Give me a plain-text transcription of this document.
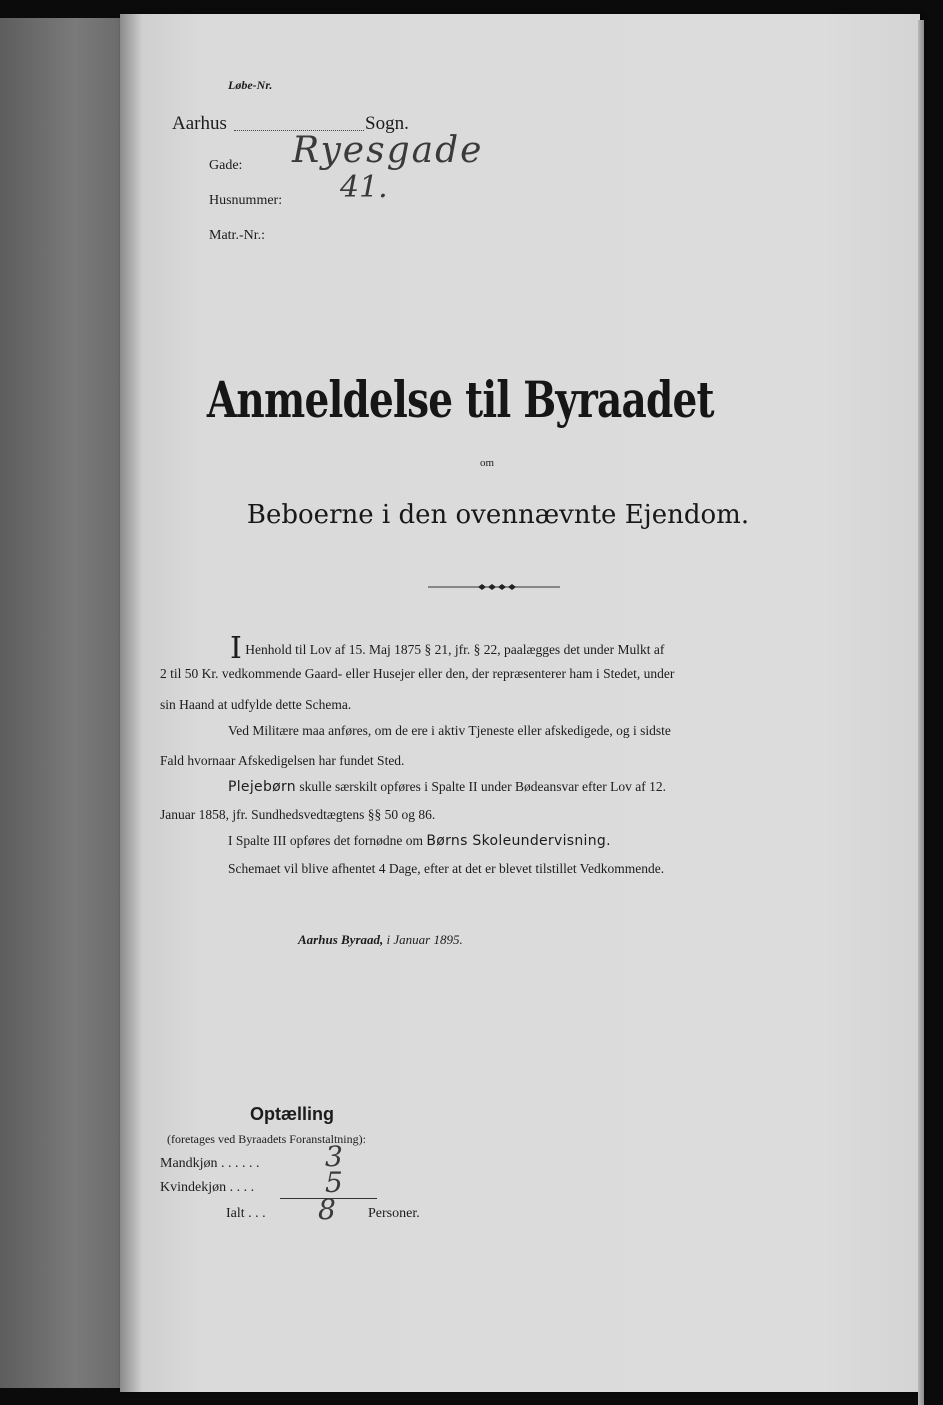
Løbe-Nr.
Aarhus	Sogn.
Gade: Ryesgade
Husnummer: 41.
Matr.-Nr.:
Anmeldelse til Byraadet
om
Beboerne i den ovennævnte Ejendom.
I Henhold til Lov af 15. Maj 1875 § 21, jfr. § 22, paalægges det under Mulkt af
2 til 50 Kr. vedkommende Gaard- eller Husejer eller den, der repræsenterer ham i Stedet, under
sin Haand at udfylde dette Schema.
Ved Militære maa anføres, om de ere i aktiv Tjeneste eller afskedigede, og i sidste
Fald hvornaar Afskedigelsen har fundet Sted.
Plejebørn skulle særskilt opføres i Spalte II under Bødeansvar efter Lov af 12.
Januar 1858, jfr. Sundhedsvedtægtens §§ 50 og 86.
I Spalte III opføres det fornødne om Børns Skoleundervisning.
Schemaet vil blive afhentet 4 Dage, efter at det er blevet tilstillet Vedkommende.
Aarhus Byraad, i Januar 1895.
Optælling
(foretages ved Byraadets Foranstaltning):
Mandkjøn . . . . . . 3
Kvindekjøn . . . .	5
Ialt . . . 8 Personer.
